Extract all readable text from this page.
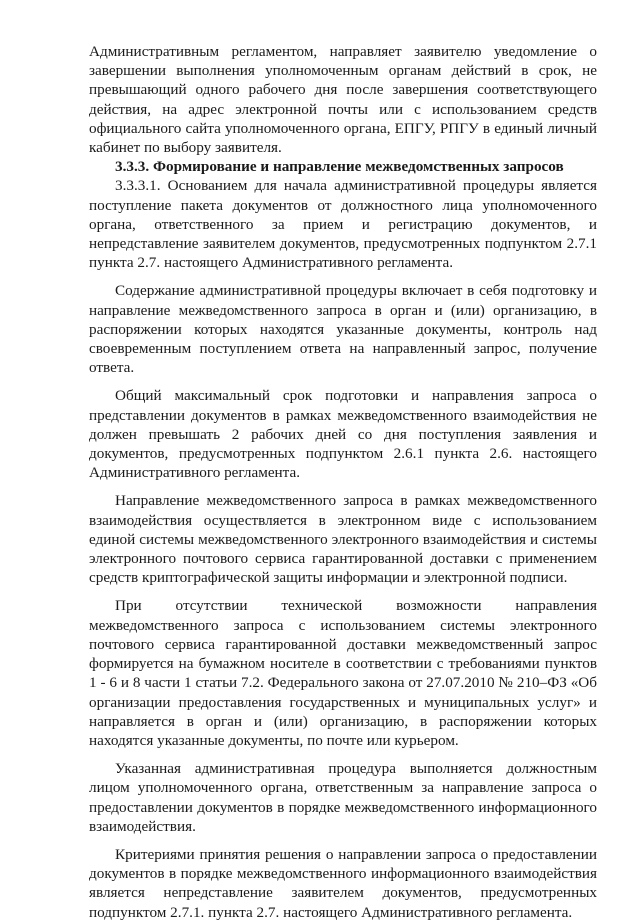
Административным регламентом, направляет заявителю уведомление о завершении выполнения уполномоченным органам действий в срок, не превышающий одного рабочего дня после завершения соответствующего действия, на адрес электронной почты или с использованием средств официального сайта уполномоченного органа, ЕПГУ, РПГУ в единый личный кабинет по выбору заявителя.

3.3.3. Формирование и направление межведомственных запросов

3.3.3.1. Основанием для начала административной процедуры является поступление пакета документов от должностного лица уполномоченного органа, ответственного за прием и регистрацию документов, и непредставление заявителем документов, предусмотренных подпунктом 2.7.1 пункта 2.7. настоящего Административного регламента.

Содержание административной процедуры включает в себя подготовку и направление межведомственного запроса в орган и (или) организацию, в распоряжении которых находятся указанные документы, контроль над своевременным поступлением ответа на направленный запрос, получение ответа.

Общий максимальный срок подготовки и направления запроса о представлении документов в рамках межведомственного взаимодействия не должен превышать 2 рабочих дней со дня поступления заявления и документов, предусмотренных подпунктом 2.6.1 пункта 2.6. настоящего Административного регламента.

Направление межведомственного запроса в рамках межведомственного взаимодействия осуществляется в электронном виде с использованием единой системы межведомственного электронного взаимодействия и системы электронного почтового сервиса гарантированной доставки с применением средств криптографической защиты информации и электронной подписи.

При отсутствии технической возможности направления межведомственного запроса с использованием системы электронного почтового сервиса гарантированной доставки межведомственный запрос формируется на бумажном носителе в соответствии с требованиями пунктов 1 - 6 и 8 части 1 статьи 7.2. Федерального закона от 27.07.2010 № 210–ФЗ «Об организации предоставления государственных и муниципальных услуг» и направляется в орган и (или) организацию, в распоряжении которых находятся указанные документы, по почте или курьером.

Указанная административная процедура выполняется должностным лицом уполномоченного органа, ответственным за направление запроса о предоставлении документов в порядке межведомственного информационного взаимодействия.

Критериями принятия решения о направлении запроса о предоставлении документов в порядке межведомственного информационного взаимодействия является непредставление заявителем документов, предусмотренных подпунктом 2.7.1. пункта 2.7. настоящего Административного регламента.
